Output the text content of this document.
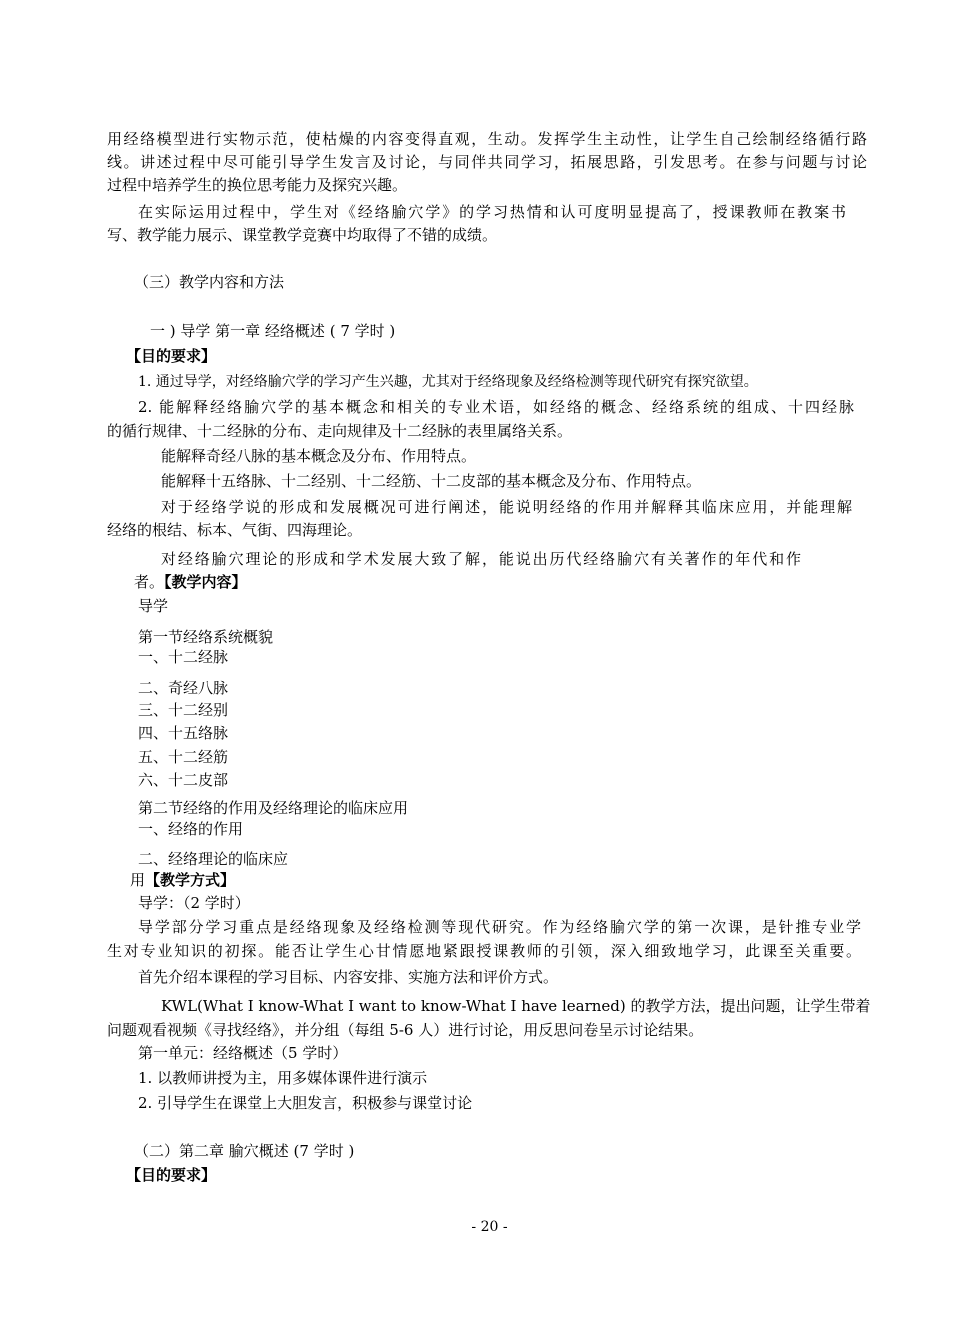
用经络模型进行实物示范，使枯燥的内容变得直观，生动。发挥学生主动性，让学生自己绘制经络循行路

线。讲述过程中尽可能引导学生发言及讨论，与同伴共同学习，拓展思路，引发思考。在参与问题与讨论

过程中培养学生的换位思考能力及探究兴趣。

在实际运用过程中，学生对《经络腧穴学》的学习热情和认可度明显提高了，授课教师在教案书

写、教学能力展示、课堂教学竞赛中均取得了不错的成绩。

（三）教学内容和方法

一 ) 导学 第一章 经络概述 ( 7 学时 )

【目的要求】

1. 通过导学，对经络腧穴学的学习产生兴趣，尤其对于经络现象及经络检测等现代研究有探究欲望。

2. 能解释经络腧穴学的基本概念和相关的专业术语，如经络的概念、经络系统的组成、十四经脉

的循行规律、十二经脉的分布、走向规律及十二经脉的表里属络关系。

能解释奇经八脉的基本概念及分布、作用特点。

能解释十五络脉、十二经别、十二经筋、十二皮部的基本概念及分布、作用特点。

对于经络学说的形成和发展概况可进行阐述，能说明经络的作用并解释其临床应用，并能理解

经络的根结、标本、气街、四海理论。

对经络腧穴理论的形成和学术发展大致了解，能说出历代经络腧穴有关著作的年代和作

者。【教学内容】

导学

第一节经络系统概貌

一、十二经脉

二、奇经八脉

三、十二经别

四、十五络脉

五、十二经筋

六、十二皮部

第二节经络的作用及经络理论的临床应用

一、经络的作用

二、经络理论的临床应

用【教学方式】

导学：（2 学时）

导学部分学习重点是经络现象及经络检测等现代研究。作为经络腧穴学的第一次课，是针推专业学

生对专业知识的初探。能否让学生心甘情愿地紧跟授课教师的引领，深入细致地学习，此课至关重要。

首先介绍本课程的学习目标、内容安排、实施方法和评价方式。

KWL(What I know-What I want to know-What I have learned) 的教学方法，提出问题，让学生带着

问题观看视频《寻找经络》，并分组（每组 5-6 人）进行讨论，用反思问卷呈示讨论结果。

第一单元：经络概述（5 学时）

1. 以教师讲授为主，用多媒体课件进行演示

2. 引导学生在课堂上大胆发言，积极参与课堂讨论

（二）第二章 腧穴概述 (7 学时 )

【目的要求】

- 20 -
